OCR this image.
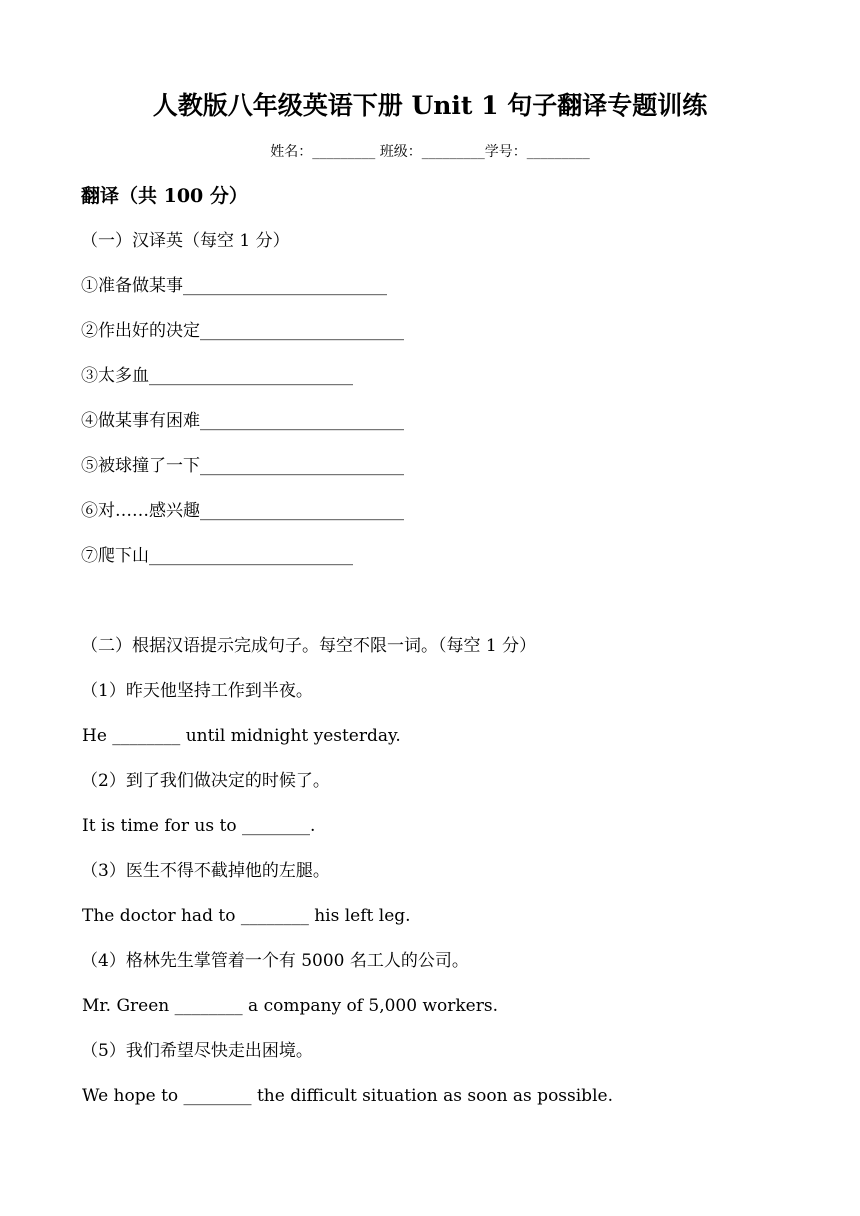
人教版八年级英语下册 Unit 1 句子翻译专题训练
姓名：_________ 班级：_________学号：_________
翻译（共 100 分）
（一）汉译英（每空 1 分）
①准备做某事________________________
②作出好的决定________________________
③太多血________________________
④做某事有困难________________________
⑤被球撞了一下________________________
⑥对……感兴趣________________________
⑦爬下山________________________
（二）根据汉语提示完成句子。每空不限一词。（每空 1 分）
（1）昨天他坚持工作到半夜。
He ________ until midnight yesterday.
（2）到了我们做决定的时候了。
It is time for us to ________.
（3）医生不得不截掉他的左腿。
The doctor had to ________ his left leg.
（4）格林先生掌管着一个有 5000 名工人的公司。
Mr. Green ________ a company of 5,000 workers.
（5）我们希望尽快走出困境。
We hope to ________ the difficult situation as soon as possible.
